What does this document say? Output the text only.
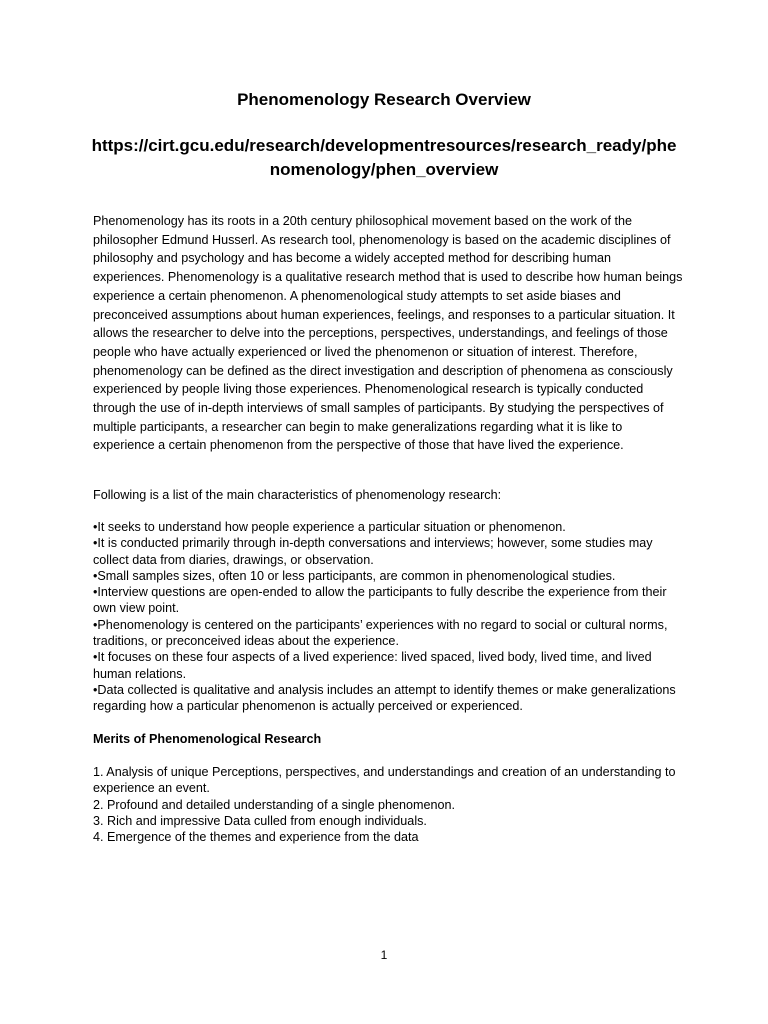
Phenomenology Research Overview
https://cirt.gcu.edu/research/developmentresources/research_ready/phenomenology/phen_overview

Phenomenology has its roots in a 20th century philosophical movement based on the work of the philosopher Edmund Husserl. As research tool, phenomenology is based on the academic disciplines of philosophy and psychology and has become a widely accepted method for describing human experiences. Phenomenology is a qualitative research method that is used to describe how human beings experience a certain phenomenon. A phenomenological study attempts to set aside biases and preconceived assumptions about human experiences, feelings, and responses to a particular situation. It allows the researcher to delve into the perceptions, perspectives, understandings, and feelings of those people who have actually experienced or lived the phenomenon or situation of interest. Therefore, phenomenology can be defined as the direct investigation and description of phenomena as consciously experienced by people living those experiences. Phenomenological research is typically conducted through the use of in-depth interviews of small samples of participants. By studying the perspectives of multiple participants, a researcher can begin to make generalizations regarding what it is like to experience a certain phenomenon from the perspective of those that have lived the experience.

Following is a list of the main characteristics of phenomenology research:

•It seeks to understand how people experience a particular situation or phenomenon.
•It is conducted primarily through in-depth conversations and interviews; however, some studies may collect data from diaries, drawings, or observation.
•Small samples sizes, often 10 or less participants, are common in phenomenological studies.
•Interview questions are open-ended to allow the participants to fully describe the experience from their own view point.
•Phenomenology is centered on the participants’ experiences with no regard to social or cultural norms, traditions, or preconceived ideas about the experience.
•It focuses on these four aspects of a lived experience: lived spaced, lived body, lived time, and lived human relations.
•Data collected is qualitative and analysis includes an attempt to identify themes or make generalizations regarding how a particular phenomenon is actually perceived or experienced.
Merits of Phenomenological Research
1. Analysis of unique Perceptions, perspectives, and understandings and creation of an understanding to experience an event.
2. Profound and detailed understanding of a single phenomenon.
3. Rich and impressive Data culled from enough individuals.
4. Emergence of the themes and experience from the data
1
